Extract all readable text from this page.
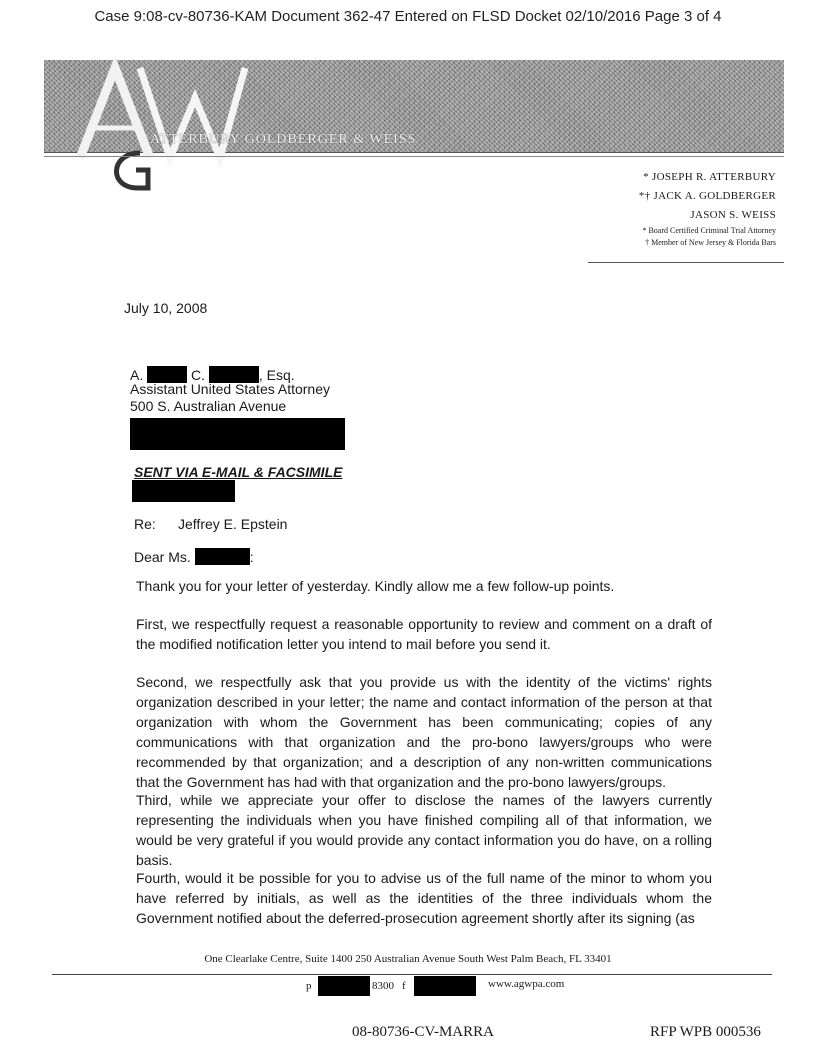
Case 9:08-cv-80736-KAM Document 362-47 Entered on FLSD Docket 02/10/2016 Page 3 of 4
ATTERBURY GOLDBERGER & WEISS
* JOSEPH R. ATTERBURY
*† JACK A. GOLDBERGER
JASON S. WEISS
* Board Certified Criminal Trial Attorney
† Member of New Jersey & Florida Bars
July 10, 2008
A.	C.	, Esq.
Assistant United States Attorney
500 S. Australian Avenue
SENT VIA E-MAIL & FACSIMILE
Re: Jeffrey E. Epstein
Dear Ms.	:
Thank you for your letter of yesterday. Kindly allow me a few follow-up points.
First, we respectfully request a reasonable opportunity to review and comment on a draft of the modified notification letter you intend to mail before you send it.
Second, we respectfully ask that you provide us with the identity of the victims' rights organization described in your letter; the name and contact information of the person at that organization with whom the Government has been communicating; copies of any communications with that organization and the pro-bono lawyers/groups who were recommended by that organization; and a description of any non-written communications that the Government has had with that organization and the pro-bono lawyers/groups.
Third, while we appreciate your offer to disclose the names of the lawyers currently representing the individuals when you have finished compiling all of that information, we would be very grateful if you would provide any contact information you do have, on a rolling basis.
Fourth, would it be possible for you to advise us of the full name of the minor to whom you have referred by initials, as well as the identities of the three individuals whom the Government notified about the deferred-prosecution agreement shortly after its signing (as
One Clearlake Centre, Suite 1400 250 Australian Avenue South West Palm Beach, FL 33401
p	8300 f	www.agwpa.com
08-80736-CV-MARRA	RFP WPB 000536
